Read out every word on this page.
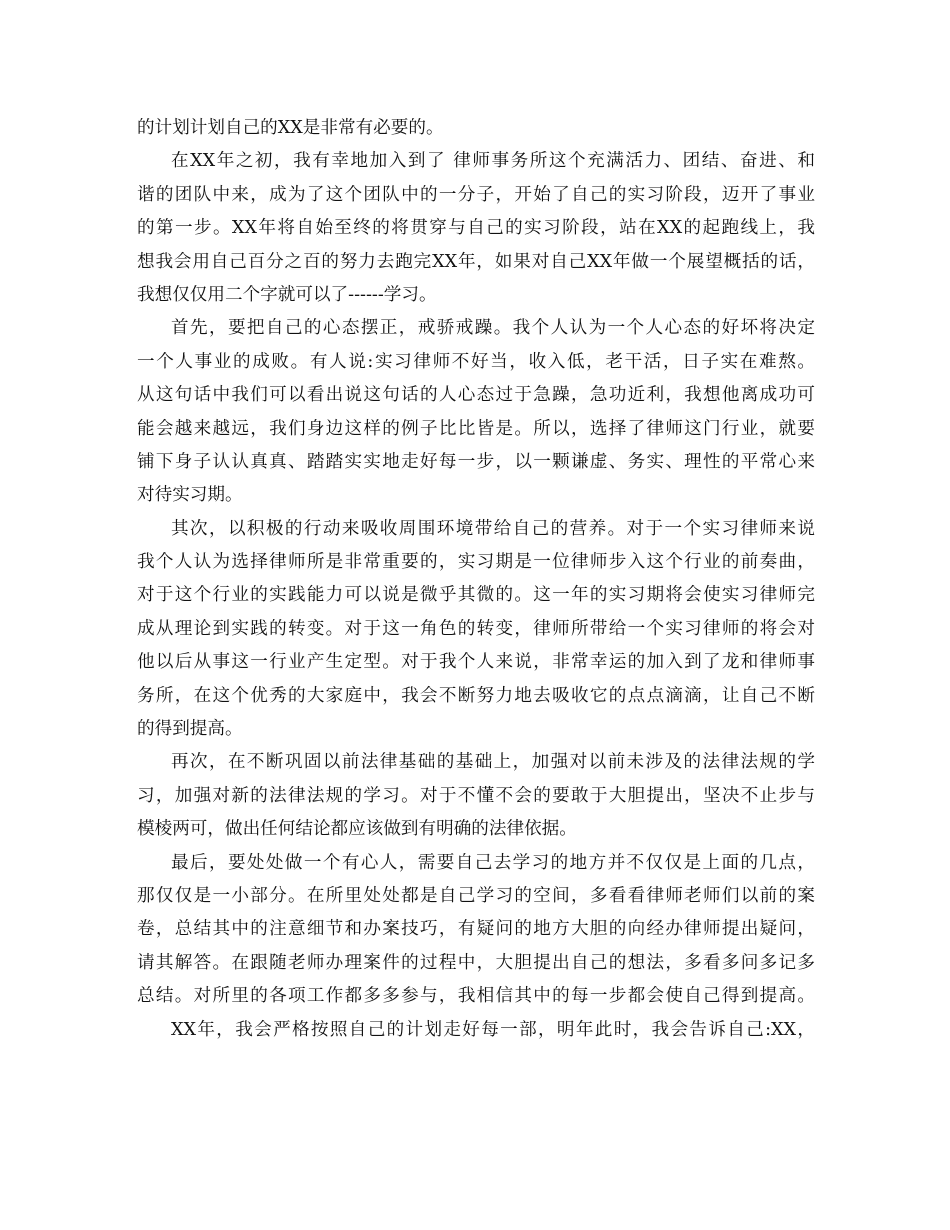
的计划计划自己的XX是非常有必要的。
在XX年之初，我有幸地加入到了 律师事务所这个充满活力、团结、奋进、和
谐的团队中来，成为了这个团队中的一分子，开始了自己的实习阶段，迈开了事业
的第一步。XX年将自始至终的将贯穿与自己的实习阶段，站在XX的起跑线上，我
想我会用自己百分之百的努力去跑完XX年，如果对自己XX年做一个展望概括的话，
我想仅仅用二个字就可以了------学习。
首先，要把自己的心态摆正，戒骄戒躁。我个人认为一个人心态的好坏将决定
一个人事业的成败。有人说:实习律师不好当，收入低，老干活，日子实在难熬。
从这句话中我们可以看出说这句话的人心态过于急躁，急功近利，我想他离成功可
能会越来越远，我们身边这样的例子比比皆是。所以，选择了律师这门行业，就要
铺下身子认认真真、踏踏实实地走好每一步，以一颗谦虚、务实、理性的平常心来
对待实习期。
其次，以积极的行动来吸收周围环境带给自己的营养。对于一个实习律师来说
我个人认为选择律师所是非常重要的，实习期是一位律师步入这个行业的前奏曲，
对于这个行业的实践能力可以说是微乎其微的。这一年的实习期将会使实习律师完
成从理论到实践的转变。对于这一角色的转变，律师所带给一个实习律师的将会对
他以后从事这一行业产生定型。对于我个人来说，非常幸运的加入到了龙和律师事
务所，在这个优秀的大家庭中，我会不断努力地去吸收它的点点滴滴，让自己不断
的得到提高。
再次，在不断巩固以前法律基础的基础上，加强对以前未涉及的法律法规的学
习，加强对新的法律法规的学习。对于不懂不会的要敢于大胆提出，坚决不止步与
模棱两可，做出任何结论都应该做到有明确的法律依据。
最后，要处处做一个有心人，需要自己去学习的地方并不仅仅是上面的几点，
那仅仅是一小部分。在所里处处都是自己学习的空间，多看看律师老师们以前的案
卷，总结其中的注意细节和办案技巧，有疑问的地方大胆的向经办律师提出疑问，
请其解答。在跟随老师办理案件的过程中，大胆提出自己的想法，多看多问多记多
总结。对所里的各项工作都多多参与，我相信其中的每一步都会使自己得到提高。
XX年，我会严格按照自己的计划走好每一部，明年此时，我会告诉自己:XX，
